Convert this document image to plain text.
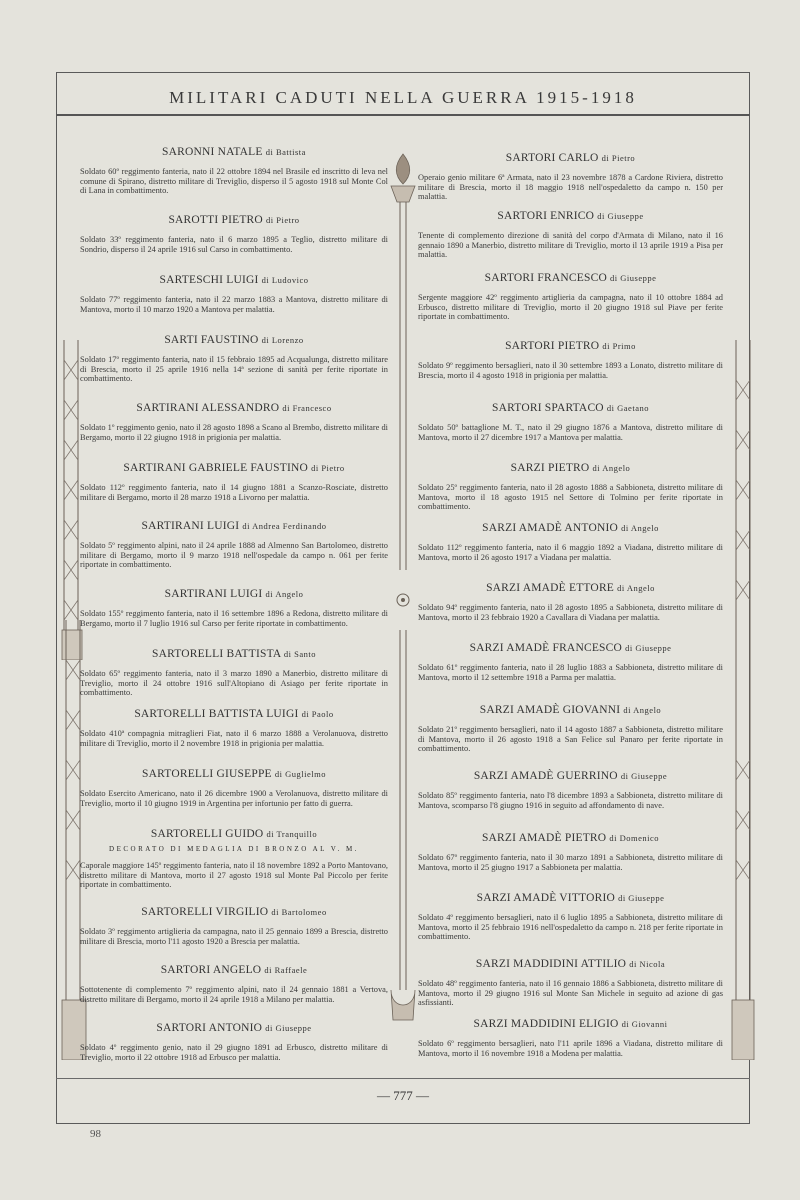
MILITARI CADUTI NELLA GUERRA 1915-1918
SARONNI NATALE di Battista
Soldato 60º reggimento fanteria, nato il 22 ottobre 1894 nel Brasile ed inscritto di leva nel comune di Spirano, distretto militare di Treviglio, disperso il 5 agosto 1918 sul Monte Col di Lana in combattimento.
SAROTTI PIETRO di Pietro
Soldato 33º reggimento fanteria, nato il 6 marzo 1895 a Teglio, distretto militare di Sondrio, disperso il 24 aprile 1916 sul Carso in combattimento.
SARTESCHI LUIGI di Ludovico
Soldato 77º reggimento fanteria, nato il 22 marzo 1883 a Mantova, distretto militare di Mantova, morto il 10 marzo 1920 a Mantova per malattia.
SARTI FAUSTINO di Lorenzo
Soldato 17º reggimento fanteria, nato il 15 febbraio 1895 ad Acqualunga, distretto militare di Brescia, morto il 25 aprile 1916 nella 14ª sezione di sanità per ferite riportate in combattimento.
SARTIRANI ALESSANDRO di Francesco
Soldato 1º reggimento genio, nato il 28 agosto 1898 a Scano al Brembo, distretto militare di Bergamo, morto il 22 giugno 1918 in prigionia per malattia.
SARTIRANI GABRIELE FAUSTINO di Pietro
Soldato 112º reggimento fanteria, nato il 14 giugno 1881 a Scanzo-Rosciate, distretto militare di Bergamo, morto il 28 marzo 1918 a Livorno per malattia.
SARTIRANI LUIGI di Andrea Ferdinando
Soldato 5º reggimento alpini, nato il 24 aprile 1888 ad Almenno San Bartolomeo, distretto militare di Bergamo, morto il 9 marzo 1918 nell'ospedale da campo n. 061 per ferite riportate in combattimento.
SARTIRANI LUIGI di Angelo
Soldato 155º reggimento fanteria, nato il 16 settembre 1896 a Redona, distretto militare di Bergamo, morto il 7 luglio 1916 sul Carso per ferite riportate in combattimento.
SARTORELLI BATTISTA di Santo
Soldato 65º reggimento fanteria, nato il 3 marzo 1890 a Manerbio, distretto militare di Treviglio, morto il 24 ottobre 1916 sull'Altopiano di Asiago per ferite riportate in combattimento.
SARTORELLI BATTISTA LUIGI di Paolo
Soldato 410ª compagnia mitraglieri Fiat, nato il 6 marzo 1888 a Verolanuova, distretto militare di Treviglio, morto il 2 novembre 1918 in prigionia per malattia.
SARTORELLI GIUSEPPE di Guglielmo
Soldato Esercito Americano, nato il 26 dicembre 1900 a Verolanuova, distretto militare di Treviglio, morto il 10 giugno 1919 in Argentina per infortunio per fatto di guerra.
SARTORELLI GUIDO di Tranquillo
DECORATO DI MEDAGLIA DI BRONZO AL V. M.
Caporale maggiore 145º reggimento fanteria, nato il 18 novembre 1892 a Porto Mantovano, distretto militare di Mantova, morto il 27 agosto 1918 sul Monte Pal Piccolo per ferite riportate in combattimento.
SARTORELLI VIRGILIO di Bartolomeo
Soldato 3º reggimento artiglieria da campagna, nato il 25 gennaio 1899 a Brescia, distretto militare di Brescia, morto l'11 agosto 1920 a Brescia per malattia.
SARTORI ANGELO di Raffaele
Sottotenente di complemento 7º reggimento alpini, nato il 24 gennaio 1881 a Vertova, distretto militare di Bergamo, morto il 24 aprile 1918 a Milano per malattia.
SARTORI ANTONIO di Giuseppe
Soldato 4º reggimento genio, nato il 29 giugno 1891 ad Erbusco, distretto militare di Treviglio, morto il 22 ottobre 1918 ad Erbusco per malattia.
SARTORI CARLO di Pietro
Operaio genio militare 6ª Armata, nato il 23 novembre 1878 a Cardone Riviera, distretto militare di Brescia, morto il 18 maggio 1918 nell'ospedaletto da campo n. 150 per malattia.
SARTORI ENRICO di Giuseppe
Tenente di complemento direzione di sanità del corpo d'Armata di Milano, nato il 16 gennaio 1890 a Manerbio, distretto militare di Treviglio, morto il 13 aprile 1919 a Pisa per malattia.
SARTORI FRANCESCO di Giuseppe
Sergente maggiore 42º reggimento artiglieria da campagna, nato il 10 ottobre 1884 ad Erbusco, distretto militare di Treviglio, morto il 20 giugno 1918 sul Piave per ferite riportate in combattimento.
SARTORI PIETRO di Primo
Soldato 9º reggimento bersaglieri, nato il 30 settembre 1893 a Lonato, distretto militare di Brescia, morto il 4 agosto 1918 in prigionia per malattia.
SARTORI SPARTACO di Gaetano
Soldato 50º battaglione M. T., nato il 29 giugno 1876 a Mantova, distretto militare di Mantova, morto il 27 dicembre 1917 a Mantova per malattia.
SARZI PIETRO di Angelo
Soldato 25º reggimento fanteria, nato il 28 agosto 1888 a Sabbioneta, distretto militare di Mantova, morto il 18 agosto 1915 nel Settore di Tolmino per ferite riportate in combattimento.
SARZI AMADÈ ANTONIO di Angelo
Soldato 112º reggimento fanteria, nato il 6 maggio 1892 a Viadana, distretto militare di Mantova, morto il 26 agosto 1917 a Viadana per malattia.
SARZI AMADÈ ETTORE di Angelo
Soldato 94º reggimento fanteria, nato il 28 agosto 1895 a Sabbioneta, distretto militare di Mantova, morto il 23 febbraio 1920 a Cavallara di Viadana per malattia.
SARZI AMADÈ FRANCESCO di Giuseppe
Soldato 61º reggimento fanteria, nato il 28 luglio 1883 a Sabbioneta, distretto militare di Mantova, morto il 12 settembre 1918 a Parma per malattia.
SARZI AMADÈ GIOVANNI di Angelo
Soldato 21º reggimento bersaglieri, nato il 14 agosto 1887 a Sabbioneta, distretto militare di Mantova, morto il 26 agosto 1918 a San Felice sul Panaro per ferite riportate in combattimento.
SARZI AMADÈ GUERRINO di Giuseppe
Soldato 85º reggimento fanteria, nato l'8 dicembre 1893 a Sabbioneta, distretto militare di Mantova, scomparso l'8 giugno 1916 in seguito ad affondamento di nave.
SARZI AMADÈ PIETRO di Domenico
Soldato 67º reggimento fanteria, nato il 30 marzo 1891 a Sabbioneta, distretto militare di Mantova, morto il 25 giugno 1917 a Sabbioneta per malattia.
SARZI AMADÈ VITTORIO di Giuseppe
Soldato 4º reggimento bersaglieri, nato il 6 luglio 1895 a Sabbioneta, distretto militare di Mantova, morto il 25 febbraio 1916 nell'ospedaletto da campo n. 218 per ferite riportate in combattimento.
SARZI MADDIDINI ATTILIO di Nicola
Soldato 48º reggimento fanteria, nato il 16 gennaio 1886 a Sabbioneta, distretto militare di Mantova, morto il 29 giugno 1916 sul Monte San Michele in seguito ad azione di gas asfissianti.
SARZI MADDIDINI ELIGIO di Giovanni
Soldato 6º reggimento bersaglieri, nato l'11 aprile 1896 a Viadana, distretto militare di Mantova, morto il 16 novembre 1918 a Modena per malattia.
— 777 —
98
